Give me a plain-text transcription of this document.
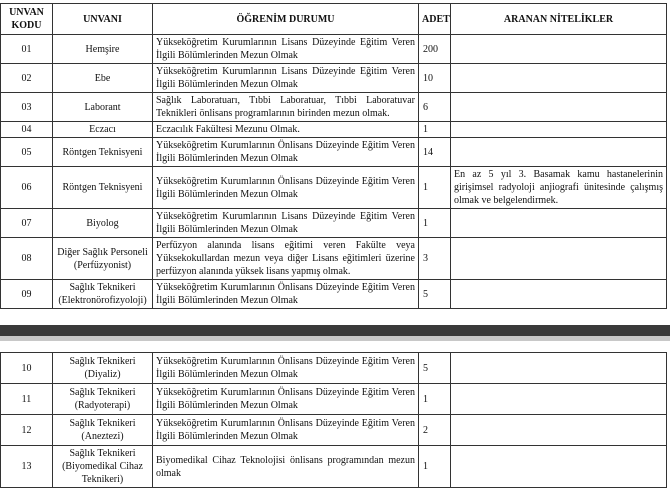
UNVAN KODU	UNVANI	ÖĞRENİM DURUMU	ADET	ARANAN NİTELİKLER
01	Hemşire	Yükseköğretim Kurumlarının Lisans Düzeyinde Eğitim Veren İlgili Bölümlerinden Mezun Olmak	200	
02	Ebe	Yükseköğretim Kurumlarının Lisans Düzeyinde Eğitim Veren İlgili Bölümlerinden Mezun Olmak	10	
03	Laborant	Sağlık Laboratuarı, Tıbbi Laboratuar, Tıbbi Laboratuvar Teknikleri önlisans programlarının birinden mezun olmak.	6	
04	Eczacı	Eczacılık Fakültesi Mezunu Olmak.	1	
05	Röntgen Teknisyeni	Yükseköğretim Kurumlarının Önlisans Düzeyinde Eğitim Veren İlgili Bölümlerinden Mezun Olmak	14	
06	Röntgen Teknisyeni	Yükseköğretim Kurumlarının Önlisans Düzeyinde Eğitim Veren İlgili Bölümlerinden Mezun Olmak	1	En az 5 yıl 3. Basamak kamu hastanelerinin girişimsel radyoloji anjiografi ünitesinde çalışmış olmak ve belgelendirmek.
07	Biyolog	Yükseköğretim Kurumlarının Lisans Düzeyinde Eğitim Veren İlgili Bölümlerinden Mezun Olmak	1	
08	Diğer Sağlık Personeli (Perfüzyonist)	Perfüzyon alanında lisans eğitimi veren Fakülte veya Yüksekokullardan mezun veya diğer Lisans eğitimleri üzerine perfüzyon alanında yüksek lisans yapmış olmak.	3	
09	Sağlık Teknikeri (Elektronörofizyoloji)	Yükseköğretim Kurumlarının Önlisans Düzeyinde Eğitim Veren İlgili Bölümlerinden Mezun Olmak	5	
10	Sağlık Teknikeri (Diyaliz)	Yükseköğretim Kurumlarının Önlisans Düzeyinde Eğitim Veren İlgili Bölümlerinden Mezun Olmak	5	
11	Sağlık Teknikeri (Radyoterapi)	Yükseköğretim Kurumlarının Önlisans Düzeyinde Eğitim Veren İlgili Bölümlerinden Mezun Olmak	1	
12	Sağlık Teknikeri (Aneztezi)	Yükseköğretim Kurumlarının Önlisans Düzeyinde Eğitim Veren İlgili Bölümlerinden Mezun Olmak	2	
13	Sağlık Teknikeri (Biyomedikal Cihaz Teknikeri)	Biyomedikal Cihaz Teknolojisi önlisans programından mezun olmak	1	
